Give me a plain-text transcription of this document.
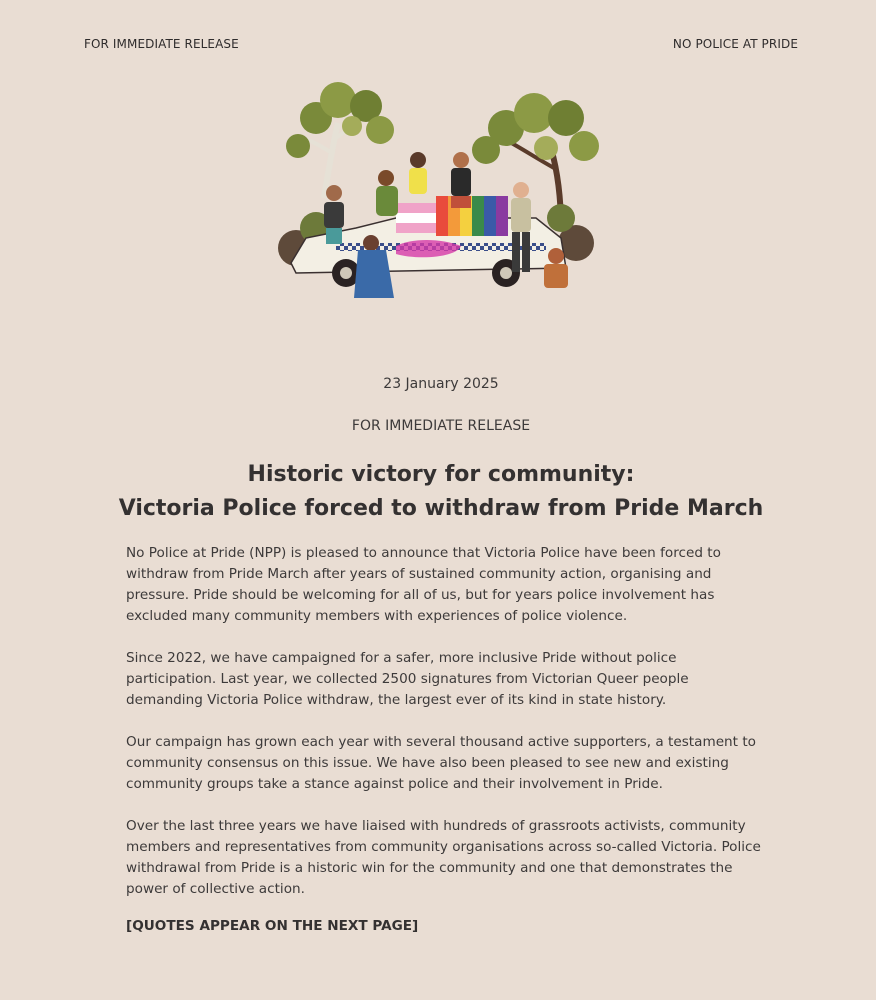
FOR IMMEDIATE RELEASE	NO POLICE AT PRIDE
23 January 2025
FOR IMMEDIATE RELEASE
Historic victory for community:
Victoria Police forced to withdraw from Pride March

No Police at Pride (NPP) is pleased to announce that Victoria Police have been forced to withdraw from Pride March after years of sustained community action, organising and pressure. Pride should be welcoming for all of us, but for years police involvement has excluded many community members with experiences of police violence.

Since 2022, we have campaigned for a safer, more inclusive Pride without police participation. Last year, we collected 2500 signatures from Victorian Queer people demanding Victoria Police withdraw, the largest ever of its kind in state history.

Our campaign has grown each year with several thousand active supporters, a testament to community consensus on this issue. We have also been pleased to see new and existing community groups take a stance against police and their involvement in Pride.

Over the last three years we have liaised with hundreds of grassroots activists, community members and representatives from community organisations across so-called Victoria. Police withdrawal from Pride is a historic win for the community and one that demonstrates the power of collective action.

[QUOTES APPEAR ON THE NEXT PAGE]
